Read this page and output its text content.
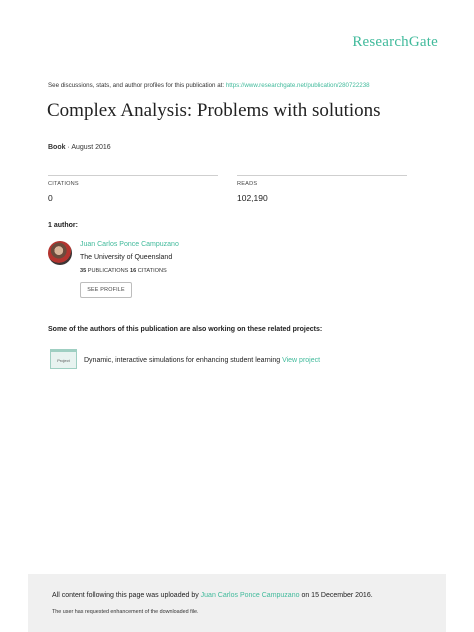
ResearchGate
See discussions, stats, and author profiles for this publication at: https://www.researchgate.net/publication/280722238
Complex Analysis: Problems with solutions
Book · August 2016
CITATIONS
0
READS
102,190
1 author:
Juan Carlos Ponce Campuzano
The University of Queensland
35 PUBLICATIONS 16 CITATIONS
SEE PROFILE
Some of the authors of this publication are also working on these related projects:
Project Dynamic, interactive simulations for enhancing student learning View project
All content following this page was uploaded by Juan Carlos Ponce Campuzano on 15 December 2016.
The user has requested enhancement of the downloaded file.
